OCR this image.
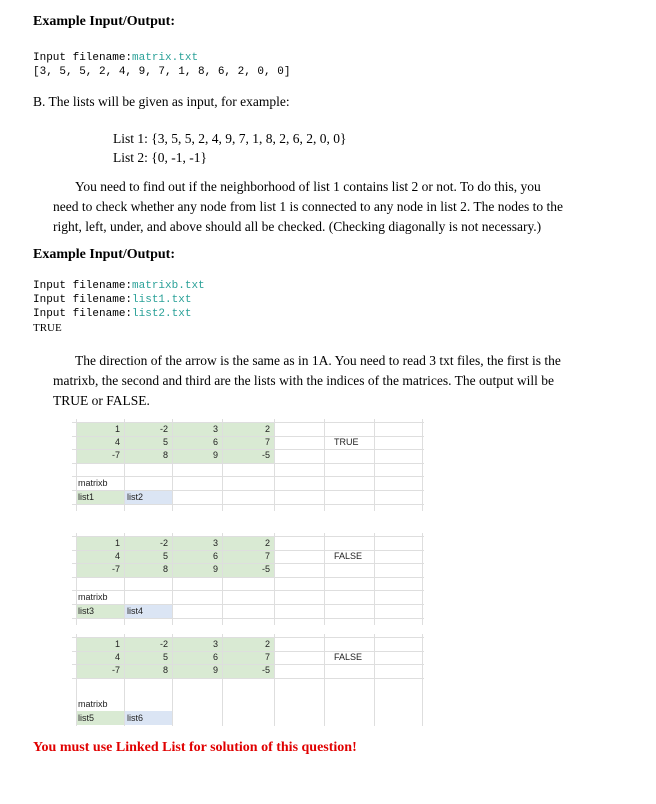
Example Input/Output:
Input filename:matrix.txt
[3, 5, 5, 2, 4, 9, 7, 1, 8, 6, 2, 0, 0]
B. The lists will be given as input, for example:
List 1: {3, 5, 5, 2, 4, 9, 7, 1, 8, 2, 6, 2, 0, 0}
List 2: {0, -1, -1}
You need to find out if the neighborhood of list 1 contains list 2 or not. To do this, you
need to check whether any node from list 1 is connected to any node in list 2. The nodes to the
right, left, under, and above should all be checked. (Checking diagonally is not necessary.)
Example Input/Output:
Input filename:matrixb.txt
Input filename:list1.txt
Input filename:list2.txt
TRUE
The direction of the arrow is the same as in 1A. You need to read 3 txt files, the first is the
matrixb, the second and third are the lists with the indices of the matrices. The output will be
TRUE or FALSE.
1	-2	3	2
4	5	6	7	TRUE
-7	8	9	-5
matrixb
list1	list2
1	-2	3	2
4	5	6	7	FALSE
-7	8	9	-5
matrixb
list3	list4
1	-2	3	2
4	5	6	7	FALSE
-7	8	9	-5
matrixb
list5	list6
You must use Linked List for solution of this question!
